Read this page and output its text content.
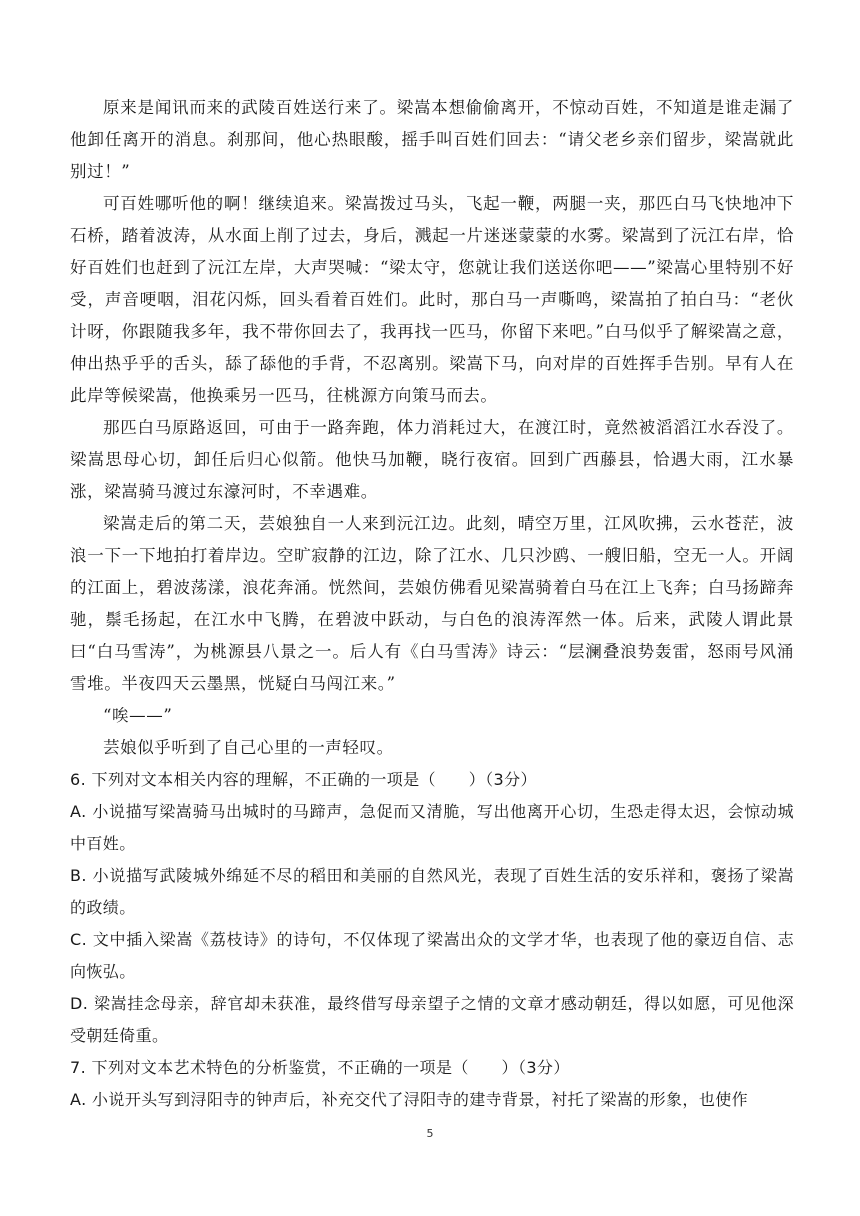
原来是闻讯而来的武陵百姓送行来了。梁嵩本想偷偷离开，不惊动百姓，不知道是谁走漏了他卸任离开的消息。刹那间，他心热眼酸，摇手叫百姓们回去：“请父老乡亲们留步，梁嵩就此别过！”

可百姓哪听他的啊！继续追来。梁嵩拨过马头，飞起一鞭，两腿一夹，那匹白马飞快地冲下石桥，踏着波涛，从水面上削了过去，身后，溅起一片迷迷蒙蒙的水雾。梁嵩到了沅江右岸，恰好百姓们也赶到了沅江左岸，大声哭喊：“梁太守，您就让我们送送你吧——”梁嵩心里特别不好受，声音哽咽，泪花闪烁，回头看着百姓们。此时，那白马一声嘶鸣，梁嵩拍了拍白马：“老伙计呀，你跟随我多年，我不带你回去了，我再找一匹马，你留下来吧。”白马似乎了解梁嵩之意，伸出热乎乎的舌头，舔了舔他的手背，不忍离别。梁嵩下马，向对岸的百姓挥手告别。早有人在此岸等候梁嵩，他换乘另一匹马，往桃源方向策马而去。

那匹白马原路返回，可由于一路奔跑，体力消耗过大，在渡江时，竟然被滔滔江水吞没了。梁嵩思母心切，卸任后归心似箭。他快马加鞭，晓行夜宿。回到广西藤县，恰遇大雨，江水暴涨，梁嵩骑马渡过东濠河时，不幸遇难。

梁嵩走后的第二天，芸娘独自一人来到沅江边。此刻，晴空万里，江风吹拂，云水苍茫，波浪一下一下地拍打着岸边。空旷寂静的江边，除了江水、几只沙鸥、一艘旧船，空无一人。开阔的江面上，碧波荡漾，浪花奔涌。恍然间，芸娘仿佛看见梁嵩骑着白马在江上飞奔；白马扬蹄奔驰，鬃毛扬起，在江水中飞腾，在碧波中跃动，与白色的浪涛浑然一体。后来，武陵人谓此景曰“白马雪涛”，为桃源县八景之一。后人有《白马雪涛》诗云：“层澜叠浪势轰雷，怒雨号风涌雪堆。半夜四天云墨黑，恍疑白马闯江来。”

“唉——”

芸娘似乎听到了自己心里的一声轻叹。

6. 下列对文本相关内容的理解，不正确的一项是（　　）（3分）

A. 小说描写梁嵩骑马出城时的马蹄声，急促而又清脆，写出他离开心切，生恐走得太迟，会惊动城中百姓。

B. 小说描写武陵城外绵延不尽的稻田和美丽的自然风光，表现了百姓生活的安乐祥和，褒扬了梁嵩的政绩。

C. 文中插入梁嵩《荔枝诗》的诗句，不仅体现了梁嵩出众的文学才华，也表现了他的豪迈自信、志向恢弘。

D. 梁嵩挂念母亲，辞官却未获准，最终借写母亲望子之情的文章才感动朝廷，得以如愿，可见他深受朝廷倚重。

7. 下列对文本艺术特色的分析鉴赏，不正确的一项是（　　）（3分）

A. 小说开头写到浔阳寺的钟声后，补充交代了浔阳寺的建寺背景，衬托了梁嵩的形象，也使作

5
